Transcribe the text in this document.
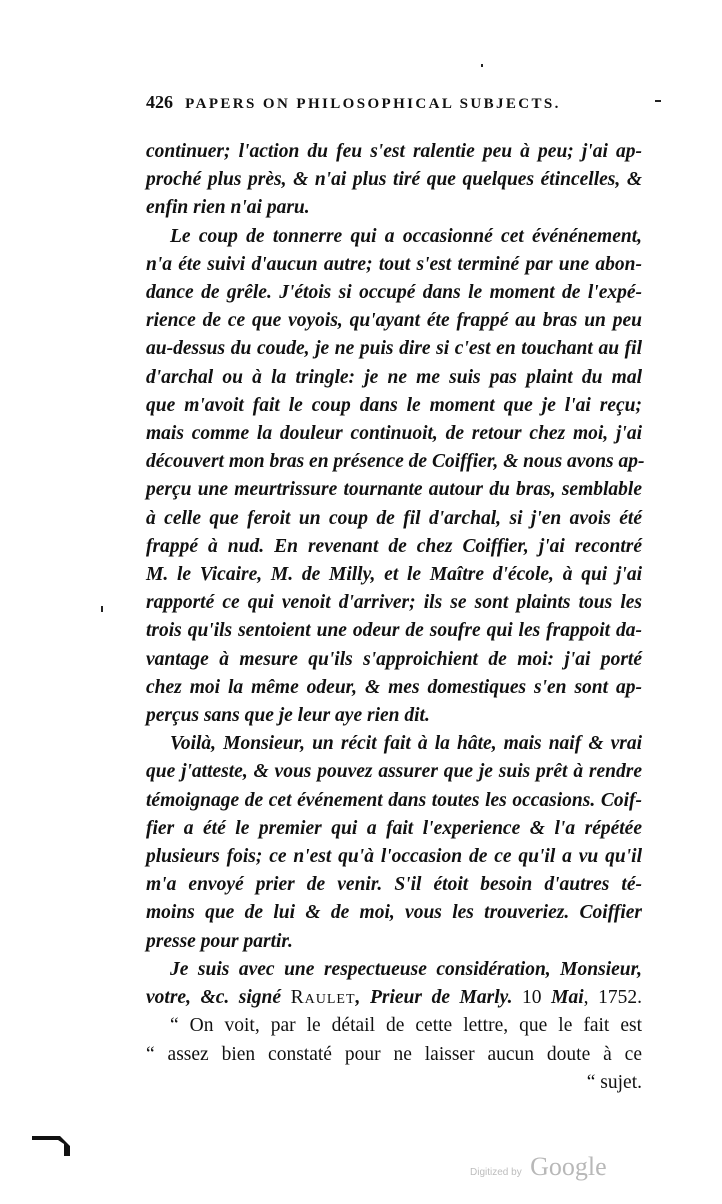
426 PAPERS ON PHILOSOPHICAL SUBJECTS.
continuer; l'action du feu s'est ralentie peu à peu; j'ai ap-
proché plus près, & n'ai plus tiré que quelques étincelles, &
enfin rien n'ai paru.
Le coup de tonnerre qui a occasionné cet événénement,
n'a éte suivi d'aucun autre; tout s'est terminé par une abon-
dance de grêle. J'étois si occupé dans le moment de l'expé-
rience de ce que voyois, qu'ayant éte frappé au bras un peu
au-dessus du coude, je ne puis dire si c'est en touchant au fil
d'archal ou à la tringle: je ne me suis pas plaint du mal
que m'avoit fait le coup dans le moment que je l'ai reçu;
mais comme la douleur continuoit, de retour chez moi, j'ai
découvert mon bras en présence de Coiffier, & nous avons ap-
perçu une meurtrissure tournante autour du bras, semblable
à celle que feroit un coup de fil d'archal, si j'en avois été
frappé à nud. En revenant de chez Coiffier, j'ai recontré
M. le Vicaire, M. de Milly, et le Maître d'école, à qui j'ai
rapporté ce qui venoit d'arriver; ils se sont plaints tous les
trois qu'ils sentoient une odeur de soufre qui les frappoit da-
vantage à mesure qu'ils s'approichient de moi: j'ai porté
chez moi la même odeur, & mes domestiques s'en sont ap-
perçus sans que je leur aye rien dit.
Voilà, Monsieur, un récit fait à la hâte, mais naif & vrai
que j'atteste, & vous pouvez assurer que je suis prêt à rendre
témoignage de cet événement dans toutes les occasions. Coif-
fier a été le premier qui a fait l'experience & l'a répétée
plusieurs fois; ce n'est qu'à l'occasion de ce qu'il a vu qu'il
m'a envoyé prier de venir. S'il étoit besoin d'autres té-
moins que de lui & de moi, vous les trouveriez. Coiffier
presse pour partir.
Je suis avec une respectueuse considération, Monsieur,
votre, &c. signé Raulet, Prieur de Marly. 10 Mai, 1752.
“ On voit, par le détail de cette lettre, que le fait est
“ assez bien constaté pour ne laisser aucun doute à ce
“ sujet.
Digitized by Google
